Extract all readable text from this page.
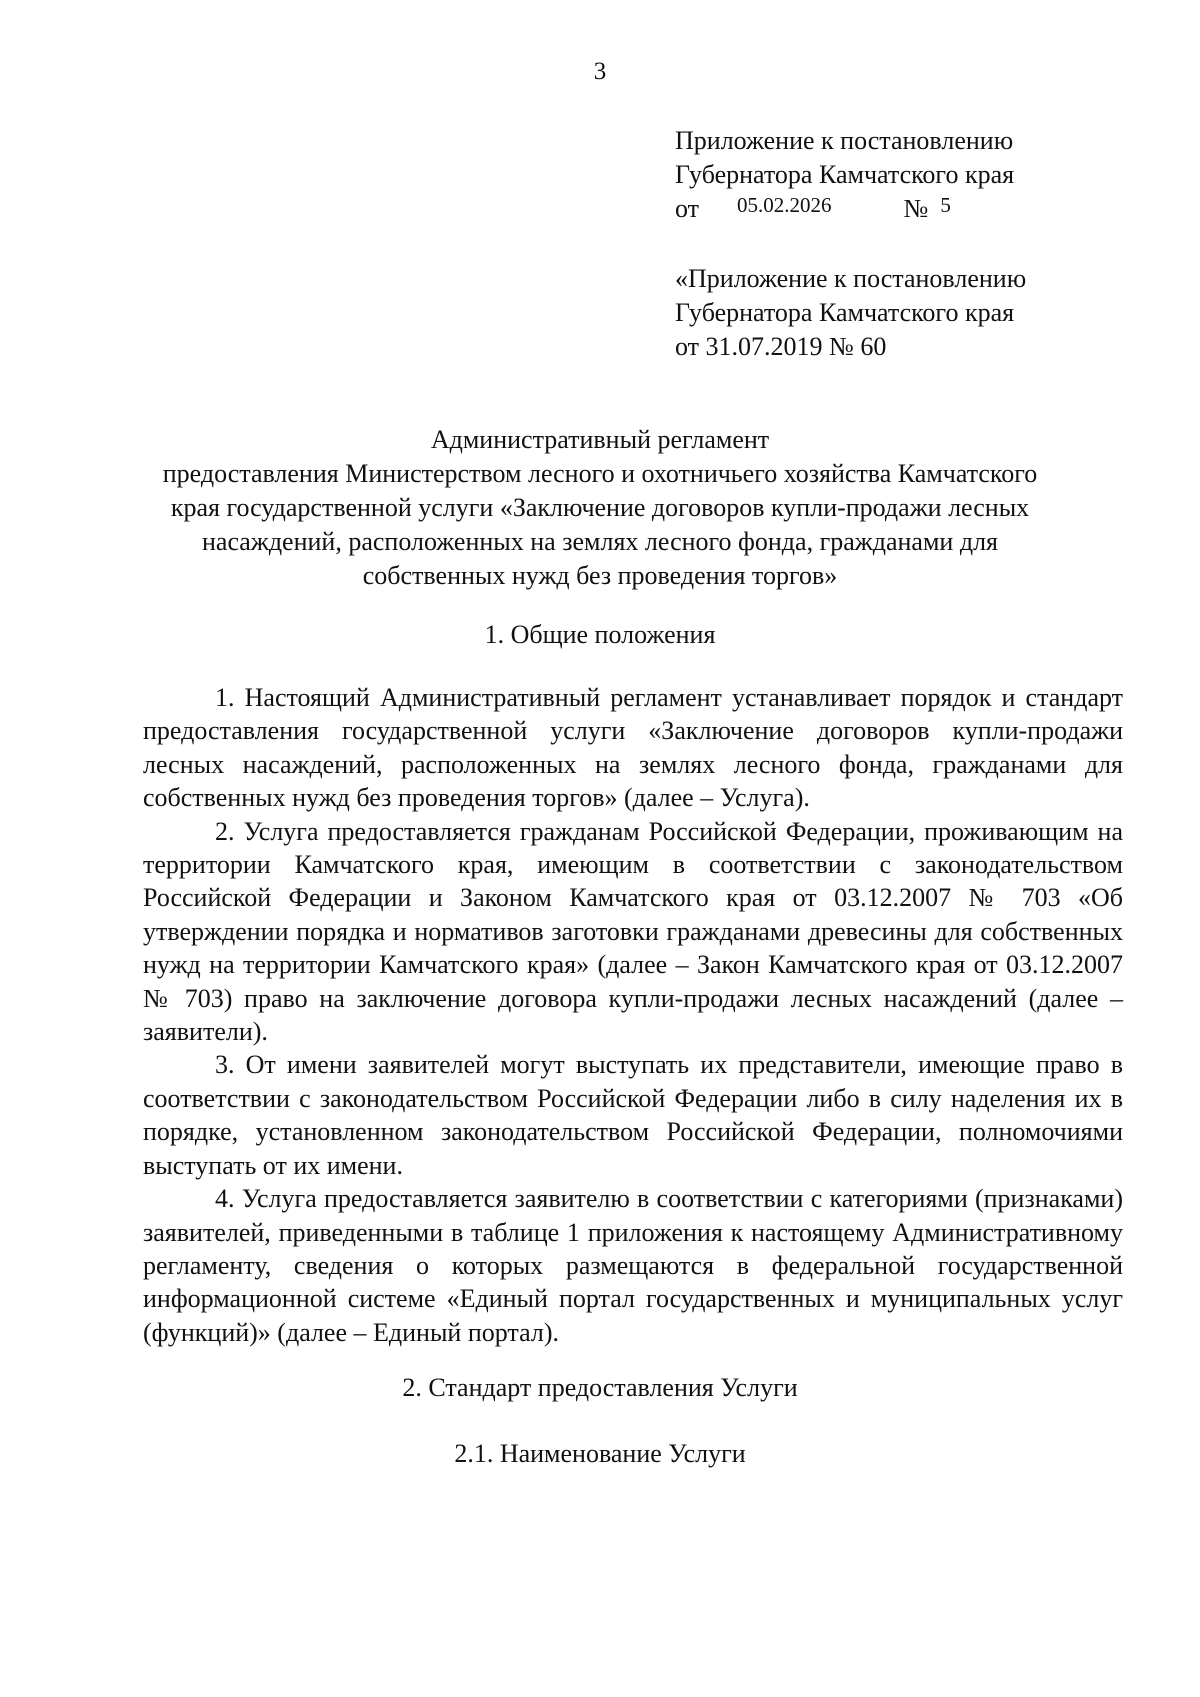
3
Приложение к постановлению
Губернатора Камчатского края
от 05.02.2026	№ 5
«Приложение к постановлению
Губернатора Камчатского края
от 31.07.2019 № 60
Административный регламент
предоставления Министерством лесного и охотничьего хозяйства Камчатского
края государственной услуги «Заключение договоров купли-продажи лесных
насаждений, расположенных на землях лесного фонда, гражданами для
собственных нужд без проведения торгов»
1. Общие положения

1. Настоящий Административный регламент устанавливает порядок и стандарт предоставления государственной услуги «Заключение договоров купли-продажи лесных насаждений, расположенных на землях лесного фонда, гражданами для собственных нужд без проведения торгов» (далее – Услуга).

2. Услуга предоставляется гражданам Российской Федерации, проживающим на территории Камчатского края, имеющим в соответствии с законодательством Российской Федерации и Законом Камчатского края от 03.12.2007 № 703 «Об утверждении порядка и нормативов заготовки гражданами древесины для собственных нужд на территории Камчатского края» (далее – Закон Камчатского края от 03.12.2007 № 703) право на заключение договора купли-продажи лесных насаждений (далее – заявители).

3. От имени заявителей могут выступать их представители, имеющие право в соответствии с законодательством Российской Федерации либо в силу наделения их в порядке, установленном законодательством Российской Федерации, полномочиями выступать от их имени.

4. Услуга предоставляется заявителю в соответствии с категориями (признаками) заявителей, приведенными в таблице 1 приложения к настоящему Административному регламенту, сведения о которых размещаются в федеральной государственной информационной системе «Единый портал государственных и муниципальных услуг (функций)» (далее – Единый портал).

2. Стандарт предоставления Услуги
2.1. Наименование Услуги
